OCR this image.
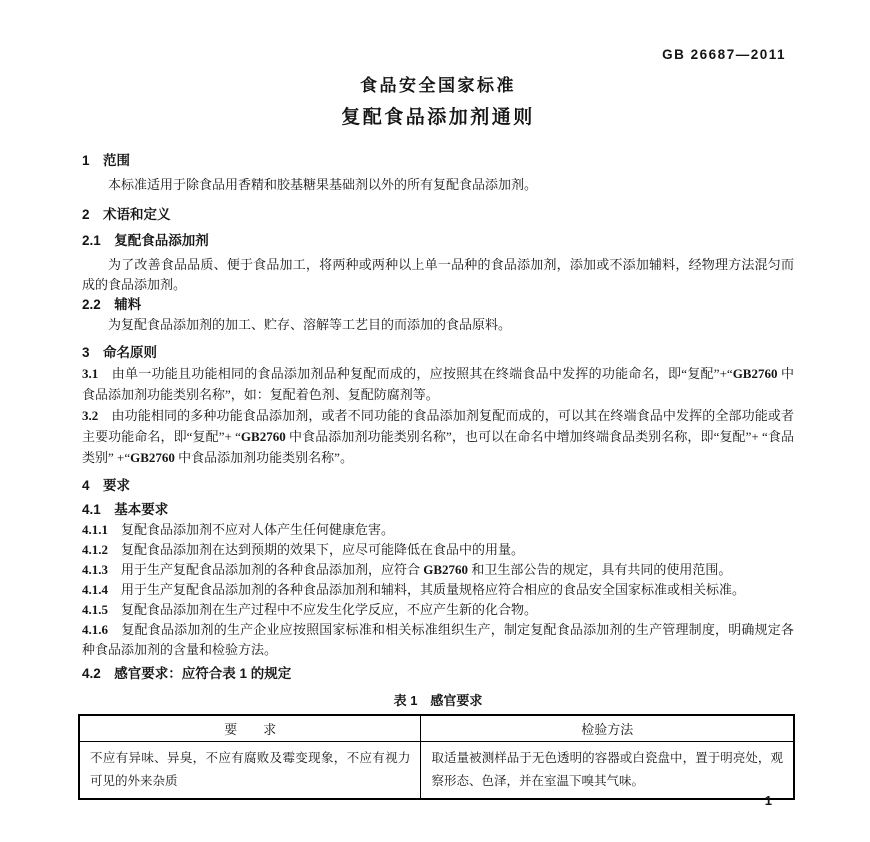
GB 26687—2011
食品安全国家标准
复配食品添加剂通则
1　范围

本标准适用于除食品用香精和胶基糖果基础剂以外的所有复配食品添加剂。

2　术语和定义
2.1　复配食品添加剂

为了改善食品品质、便于食品加工，将两种或两种以上单一品种的食品添加剂，添加或不添加辅料，经物理方法混匀而成的食品添加剂。

2.2　辅料

为复配食品添加剂的加工、贮存、溶解等工艺目的而添加的食品原料。

3　命名原则

3.1　由单一功能且功能相同的食品添加剂品种复配而成的，应按照其在终端食品中发挥的功能命名，即“复配”+“GB2760 中食品添加剂功能类别名称”，如：复配着色剂、复配防腐剂等。

3.2　由功能相同的多种功能食品添加剂，或者不同功能的食品添加剂复配而成的，可以其在终端食品中发挥的全部功能或者主要功能命名，即“复配”+ “GB2760 中食品添加剂功能类别名称”，也可以在命名中增加终端食品类别名称，即“复配”+ “食品类别” +“GB2760 中食品添加剂功能类别名称”。

4　要求
4.1　基本要求

4.1.1　复配食品添加剂不应对人体产生任何健康危害。

4.1.2　复配食品添加剂在达到预期的效果下，应尽可能降低在食品中的用量。

4.1.3　用于生产复配食品添加剂的各种食品添加剂，应符合 GB2760 和卫生部公告的规定，具有共同的使用范围。

4.1.4　用于生产复配食品添加剂的各种食品添加剂和辅料，其质量规格应符合相应的食品安全国家标准或相关标准。

4.1.5　复配食品添加剂在生产过程中不应发生化学反应，不应产生新的化合物。

4.1.6　复配食品添加剂的生产企业应按照国家标准和相关标准组织生产，制定复配食品添加剂的生产管理制度，明确规定各种食品添加剂的含量和检验方法。

4.2　感官要求：应符合表 1 的规定
表 1　感官要求
要　　求	检验方法
不应有异味、异臭，不应有腐败及霉变现象，不应有视力可见的外来杂质	取适量被测样品于无色透明的容器或白瓷盘中，置于明亮处，观察形态、色泽，并在室温下嗅其气味。
1
